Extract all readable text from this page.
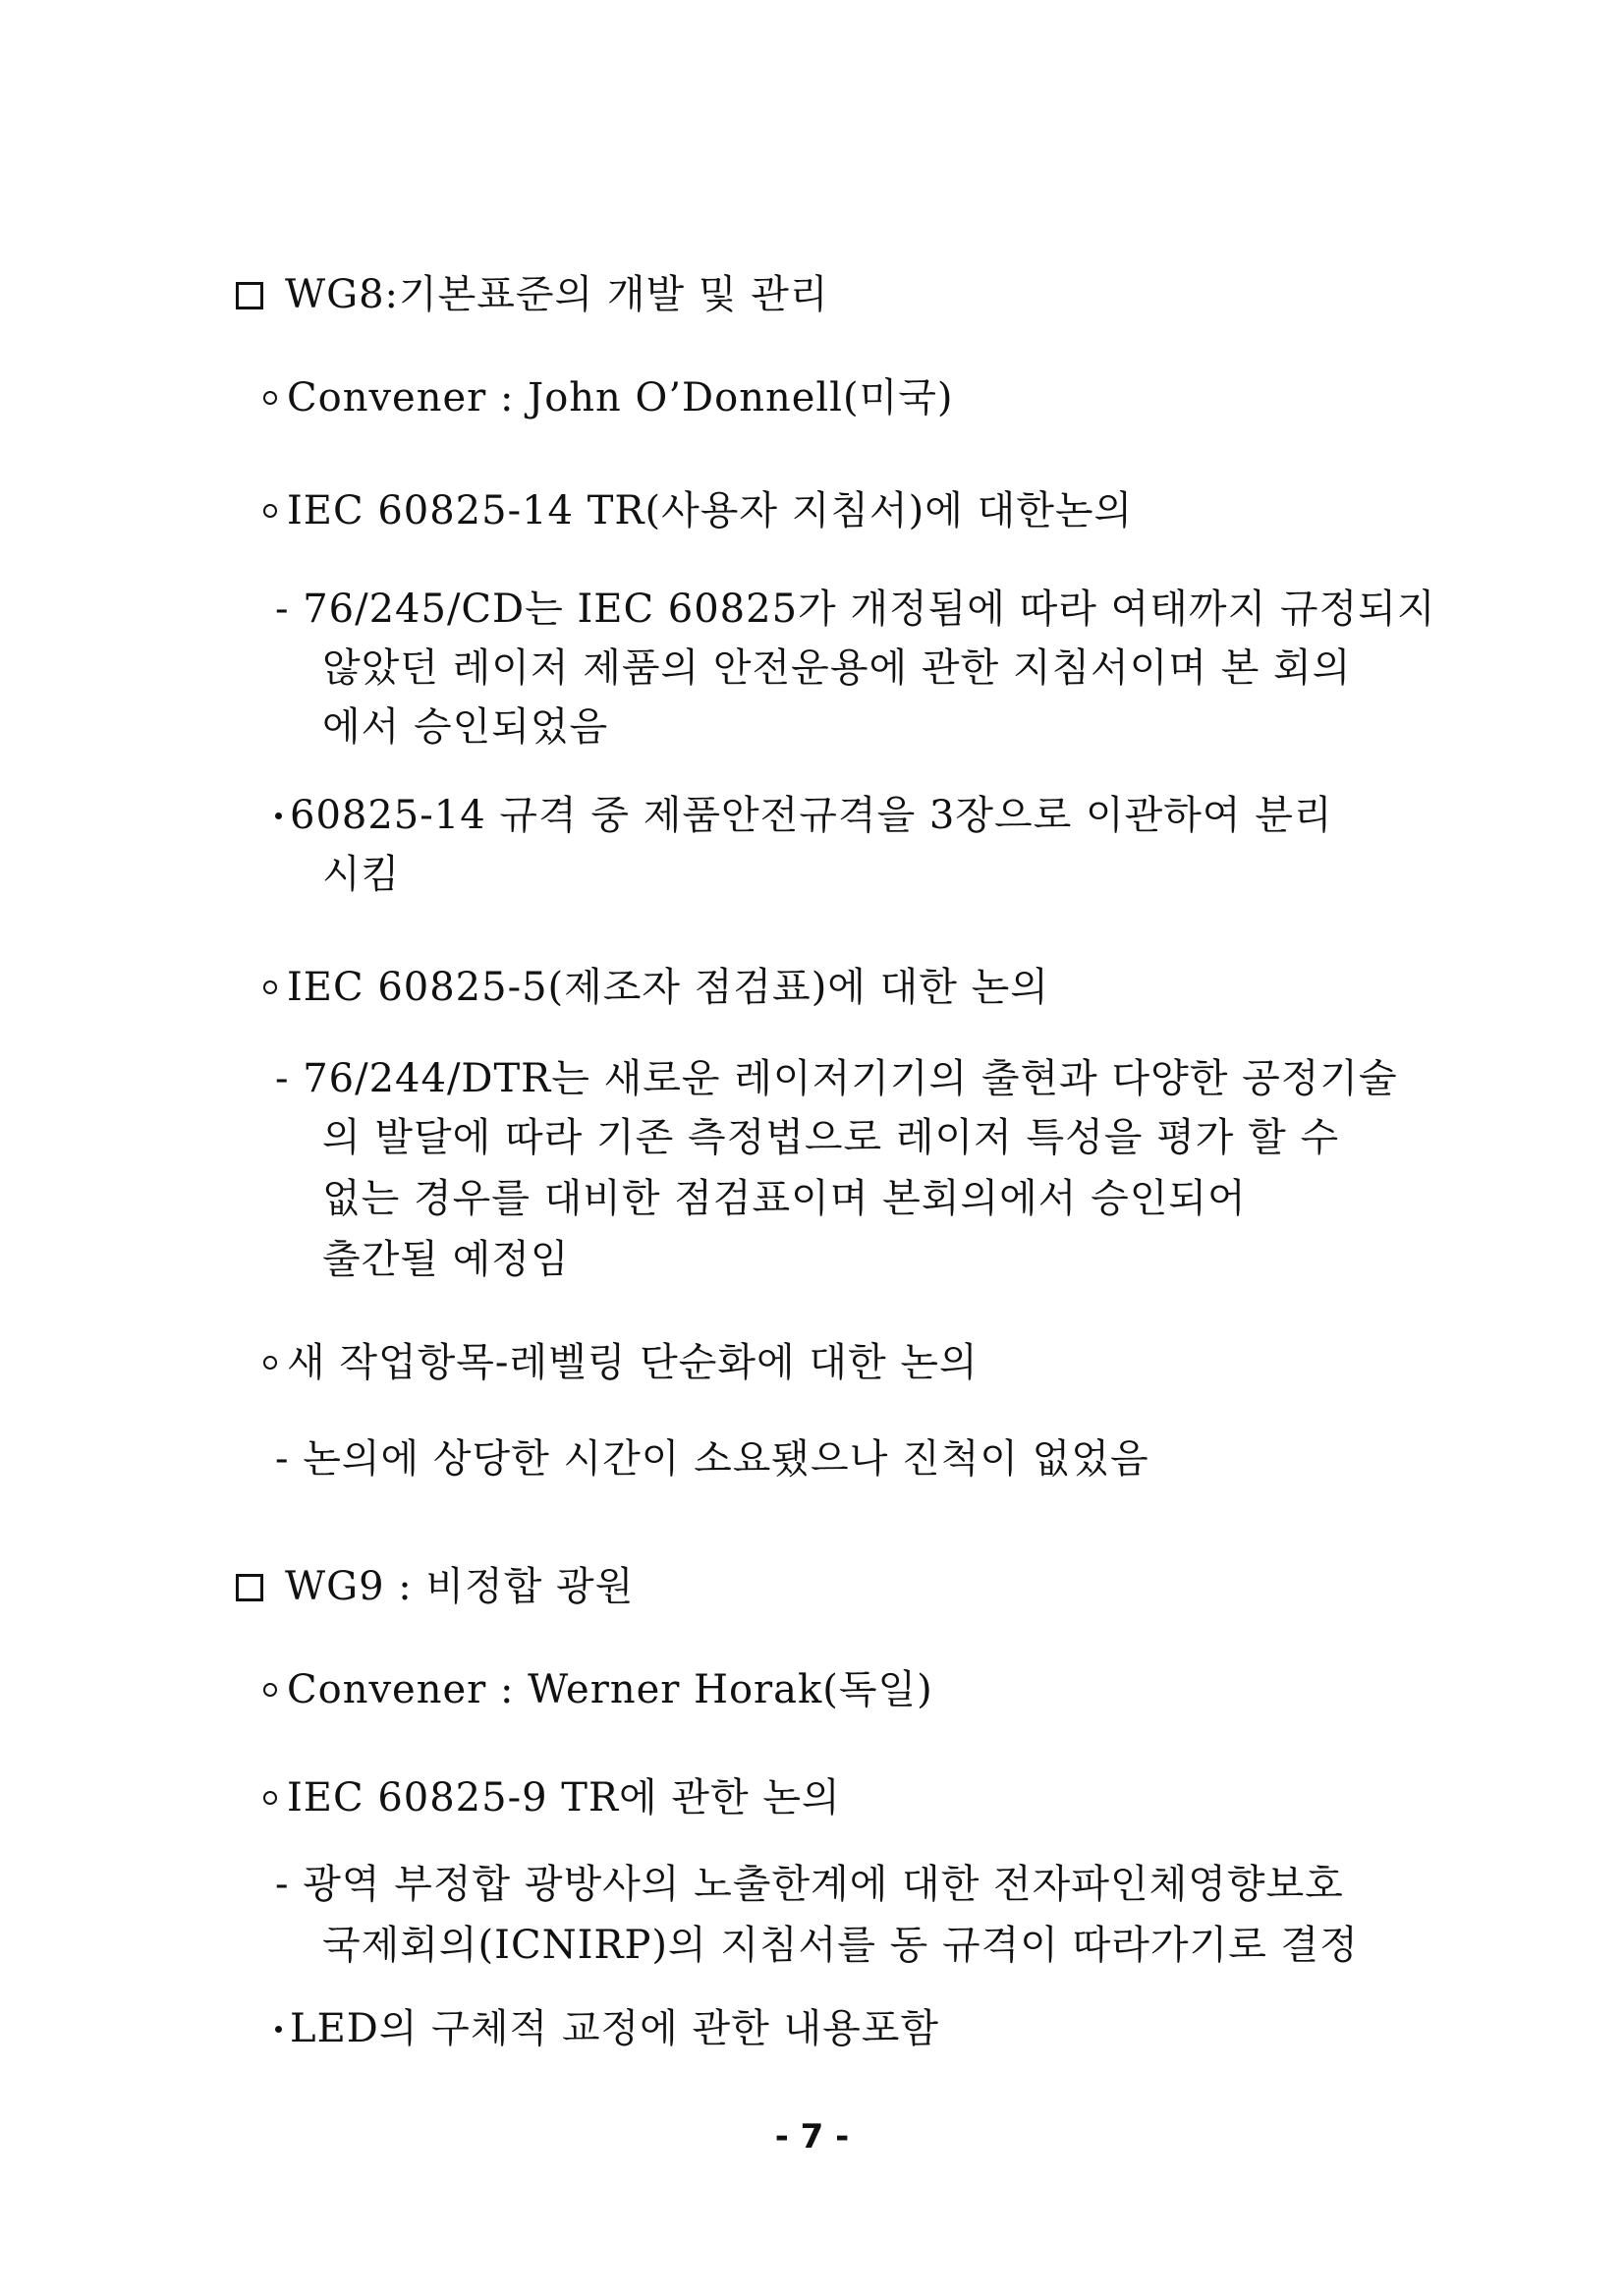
WG8:기본표준의 개발 및 관리
Convener : John O’Donnell(미국)
IEC 60825-14 TR(사용자 지침서)에 대한논의
- 76/245/CD는 IEC 60825가 개정됨에 따라 여태까지 규정되지
않았던 레이저 제품의 안전운용에 관한 지침서이며 본 회의
에서 승인되었음
60825-14 규격 중 제품안전규격을 3장으로 이관하여 분리
시킴
IEC 60825-5(제조자 점검표)에 대한 논의
- 76/244/DTR는 새로운 레이저기기의 출현과 다양한 공정기술
의 발달에 따라 기존 측정법으로 레이저 특성을 평가 할 수
없는 경우를 대비한 점검표이며 본회의에서 승인되어
출간될 예정임
새 작업항목-레벨링 단순화에 대한 논의
- 논의에 상당한 시간이 소요됐으나 진척이 없었음
WG9 : 비정합 광원
Convener : Werner Horak(독일)
IEC 60825-9 TR에 관한 논의
- 광역 부정합 광방사의 노출한계에 대한 전자파인체영향보호
국제회의(ICNIRP)의 지침서를 동 규격이 따라가기로 결정
LED의 구체적 교정에 관한 내용포함
- 7 -
